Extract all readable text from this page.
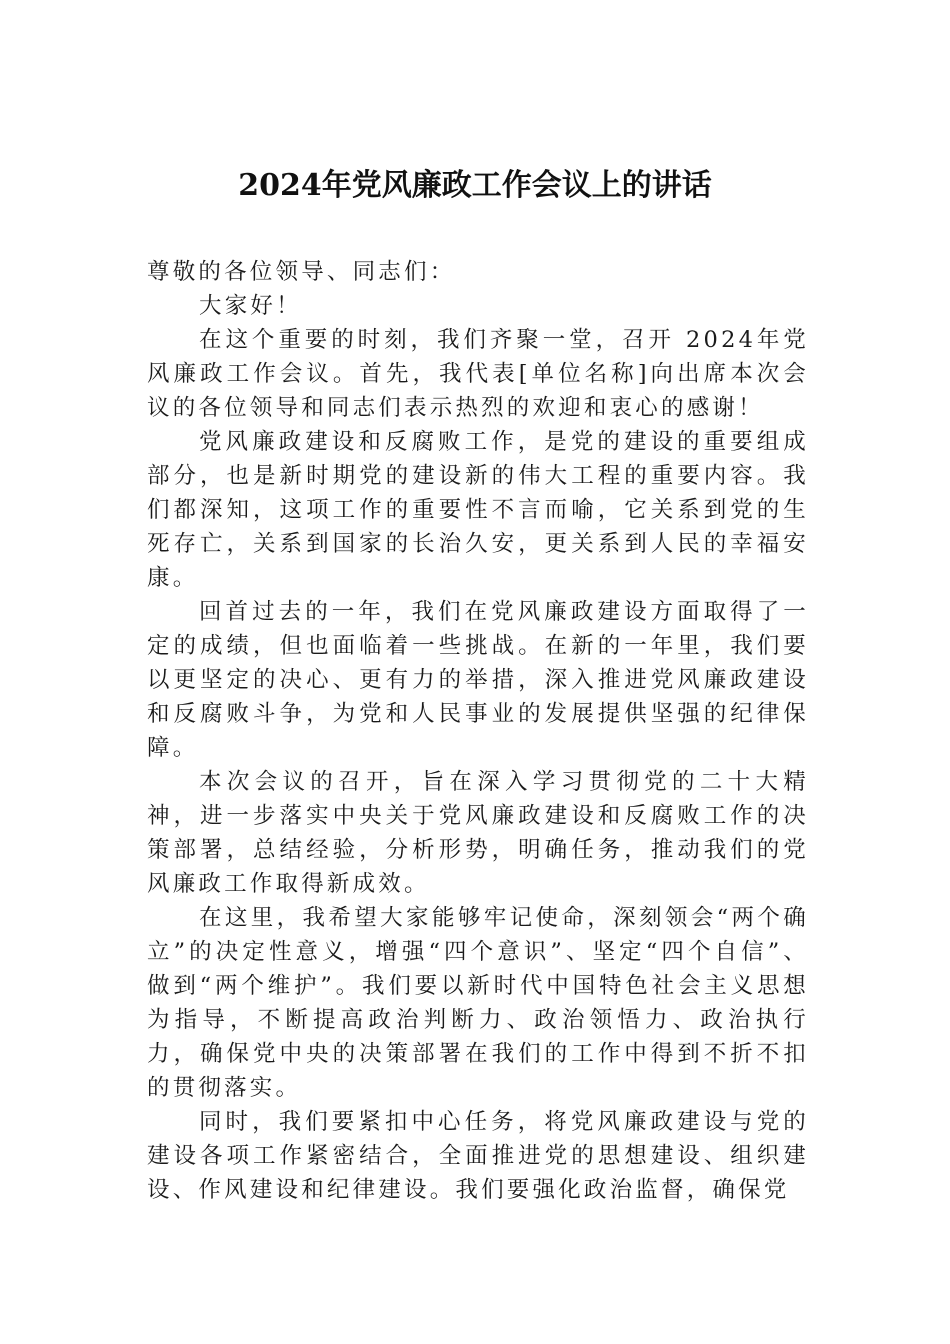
2024年党风廉政工作会议上的讲话

尊敬的各位领导、同志们：

大家好！

在这个重要的时刻，我们齐聚一堂，召开 2024年党风廉政工作会议。首先，我代表[单位名称]向出席本次会议的各位领导和同志们表示热烈的欢迎和衷心的感谢！

党风廉政建设和反腐败工作，是党的建设的重要组成部分，也是新时期党的建设新的伟大工程的重要内容。我们都深知，这项工作的重要性不言而喻，它关系到党的生死存亡，关系到国家的长治久安，更关系到人民的幸福安康。

回首过去的一年，我们在党风廉政建设方面取得了一定的成绩，但也面临着一些挑战。在新的一年里，我们要以更坚定的决心、更有力的举措，深入推进党风廉政建设和反腐败斗争，为党和人民事业的发展提供坚强的纪律保障。

本次会议的召开，旨在深入学习贯彻党的二十大精神，进一步落实中央关于党风廉政建设和反腐败工作的决策部署，总结经验，分析形势，明确任务，推动我们的党风廉政工作取得新成效。

在这里，我希望大家能够牢记使命，深刻领会“两个确立”的决定性意义，增强“四个意识”、坚定“四个自信”、做到“两个维护”。我们要以新时代中国特色社会主义思想为指导，不断提高政治判断力、政治领悟力、政治执行力，确保党中央的决策部署在我们的工作中得到不折不扣的贯彻落实。

同时，我们要紧扣中心任务，将党风廉政建设与党的建设各项工作紧密结合，全面推进党的思想建设、组织建设、作风建设和纪律建设。我们要强化政治监督，确保党
